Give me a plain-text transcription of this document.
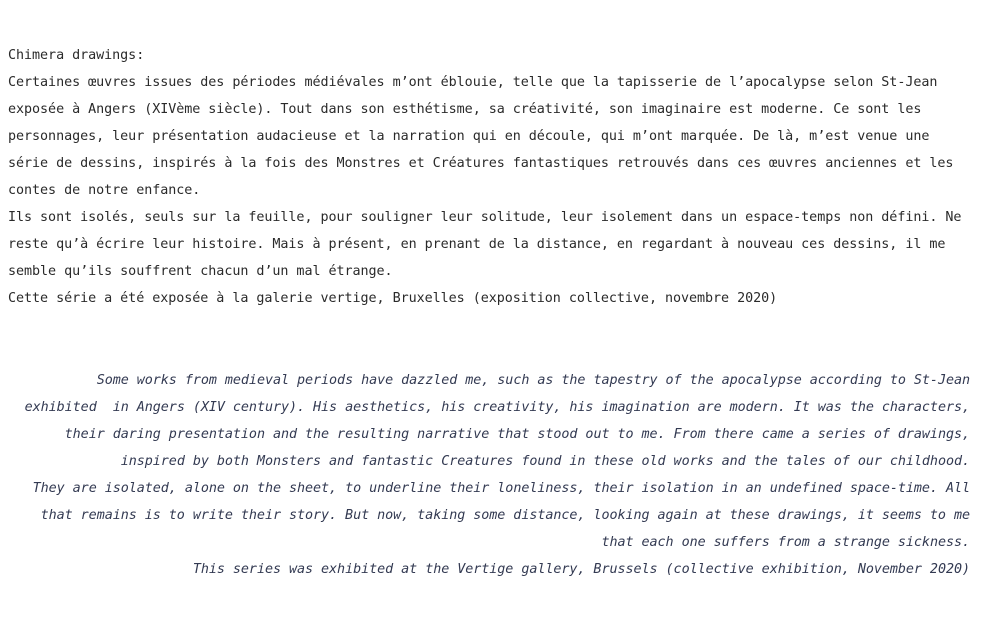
Chimera drawings:
Certaines œuvres issues des périodes médiévales m’ont éblouie, telle que la tapisserie de l’apocalypse selon St-Jean
exposée à Angers (XIVème siècle). Tout dans son esthétisme, sa créativité, son imaginaire est moderne. Ce sont les
personnages, leur présentation audacieuse et la narration qui en découle, qui m’ont marquée. De là, m’est venue une
série de dessins, inspirés à la fois des Monstres et Créatures fantastiques retrouvés dans ces œuvres anciennes et les
contes de notre enfance.
Ils sont isolés, seuls sur la feuille, pour souligner leur solitude, leur isolement dans un espace-temps non défini. Ne
reste qu’à écrire leur histoire. Mais à présent, en prenant de la distance, en regardant à nouveau ces dessins, il me
semble qu’ils souffrent chacun d’un mal étrange.
Cette série a été exposée à la galerie vertige, Bruxelles (exposition collective, novembre 2020)
Some works from medieval periods have dazzled me, such as the tapestry of the apocalypse according to St-Jean
exhibited  in Angers (XIV century). His aesthetics, his creativity, his imagination are modern. It was the characters,
their daring presentation and the resulting narrative that stood out to me. From there came a series of drawings,
inspired by both Monsters and fantastic Creatures found in these old works and the tales of our childhood.
They are isolated, alone on the sheet, to underline their loneliness, their isolation in an undefined space-time. All
that remains is to write their story. But now, taking some distance, looking again at these drawings, it seems to me
that each one suffers from a strange sickness.
This series was exhibited at the Vertige gallery, Brussels (collective exhibition, November 2020)
